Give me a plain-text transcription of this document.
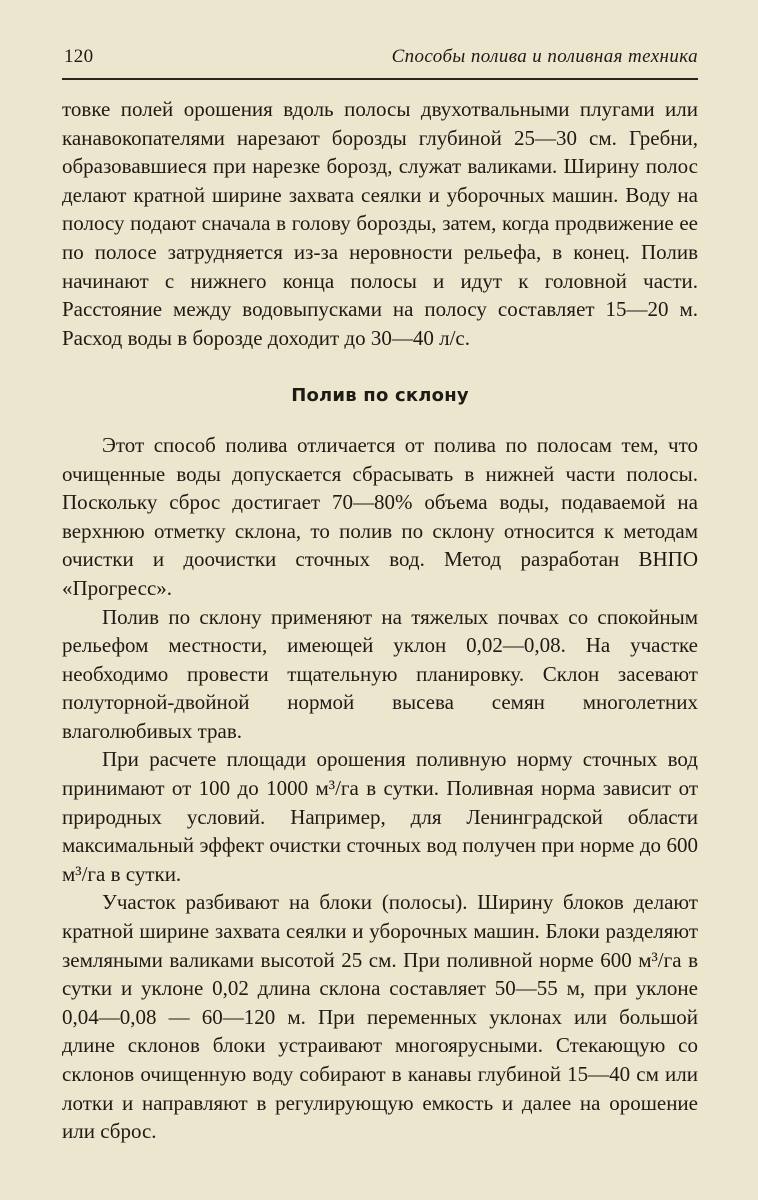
120	Способы полива и поливная техника

товке полей орошения вдоль полосы двухотвальными плугами или канавокопателями нарезают борозды глубиной 25—30 см. Гребни, образовавшиеся при нарезке борозд, служат валиками. Ширину полос делают кратной ширине захвата сеялки и уборочных машин. Воду на полосу подают сначала в голову борозды, затем, когда продвижение ее по полосе затрудняется из-за неровности рельефа, в конец. Полив начинают с нижнего конца полосы и идут к головной части. Расстояние между водовыпусками на полосу составляет 15—20 м. Расход воды в борозде доходит до 30—40 л/с.

Полив по склону

Этот способ полива отличается от полива по полосам тем, что очищенные воды допускается сбрасывать в нижней части полосы. Поскольку сброс достигает 70—80% объема воды, подаваемой на верхнюю отметку склона, то полив по склону относится к методам очистки и доочистки сточных вод. Метод разработан ВНПО «Прогресс».

Полив по склону применяют на тяжелых почвах со спокойным рельефом местности, имеющей уклон 0,02—0,08. На участке необходимо провести тщательную планировку. Склон засевают полуторной-двойной нормой высева семян многолетних влаголюбивых трав.

При расчете площади орошения поливную норму сточных вод принимают от 100 до 1000 м³/га в сутки. Поливная норма зависит от природных условий. Например, для Ленинградской области максимальный эффект очистки сточных вод получен при норме до 600 м³/га в сутки.

Участок разбивают на блоки (полосы). Ширину блоков делают кратной ширине захвата сеялки и уборочных машин. Блоки разделяют земляными валиками высотой 25 см. При поливной норме 600 м³/га в сутки и уклоне 0,02 длина склона составляет 50—55 м, при уклоне 0,04—0,08 — 60—120 м. При переменных уклонах или большой длине склонов блоки устраивают многоярусными. Стекающую со склонов очищенную воду собирают в канавы глубиной 15—40 см или лотки и направляют в регулирующую емкость и далее на орошение или сброс.
